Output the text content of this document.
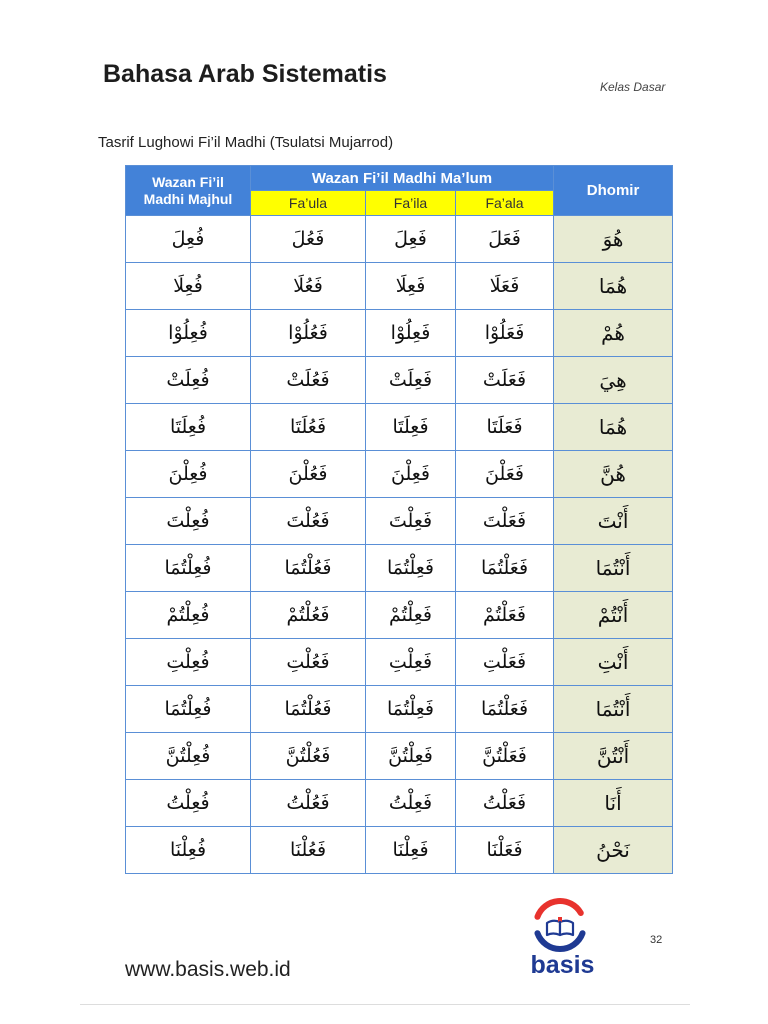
Bahasa Arab Sistematis	Kelas Dasar
Tasrif Lughowi Fi’il Madhi (Tsulatsi Mujarrod)
Wazan Fi’il
Madhi Majhul	Wazan Fi’il Madhi Ma’lum			Dhomir
	Fa’ula	Fa’ila	Fa’ala	
فُعِلَ	فَعُلَ	فَعِلَ	فَعَلَ	هُوَ
فُعِلَا	فَعُلَا	فَعِلَا	فَعَلَا	هُمَا
فُعِلُوْا	فَعُلُوْا	فَعِلُوْا	فَعَلُوْا	هُمْ
فُعِلَتْ	فَعُلَتْ	فَعِلَتْ	فَعَلَتْ	هِيَ
فُعِلَتَا	فَعُلَتَا	فَعِلَتَا	فَعَلَتَا	هُمَا
فُعِلْنَ	فَعُلْنَ	فَعِلْنَ	فَعَلْنَ	هُنَّ
فُعِلْتَ	فَعُلْتَ	فَعِلْتَ	فَعَلْتَ	أَنْتَ
فُعِلْتُمَا	فَعُلْتُمَا	فَعِلْتُمَا	فَعَلْتُمَا	أَنْتُمَا
فُعِلْتُمْ	فَعُلْتُمْ	فَعِلْتُمْ	فَعَلْتُمْ	أَنْتُمْ
فُعِلْتِ	فَعُلْتِ	فَعِلْتِ	فَعَلْتِ	أَنْتِ
فُعِلْتُمَا	فَعُلْتُمَا	فَعِلْتُمَا	فَعَلْتُمَا	أَنْتُمَا
فُعِلْتُنَّ	فَعُلْتُنَّ	فَعِلْتُنَّ	فَعَلْتُنَّ	أَنْتُنَّ
فُعِلْتُ	فَعُلْتُ	فَعِلْتُ	فَعَلْتُ	أَنَا
فُعِلْنَا	فَعُلْنَا	فَعِلْنَا	فَعَلْنَا	نَحْنُ
www.basis.web.id	basis
32
